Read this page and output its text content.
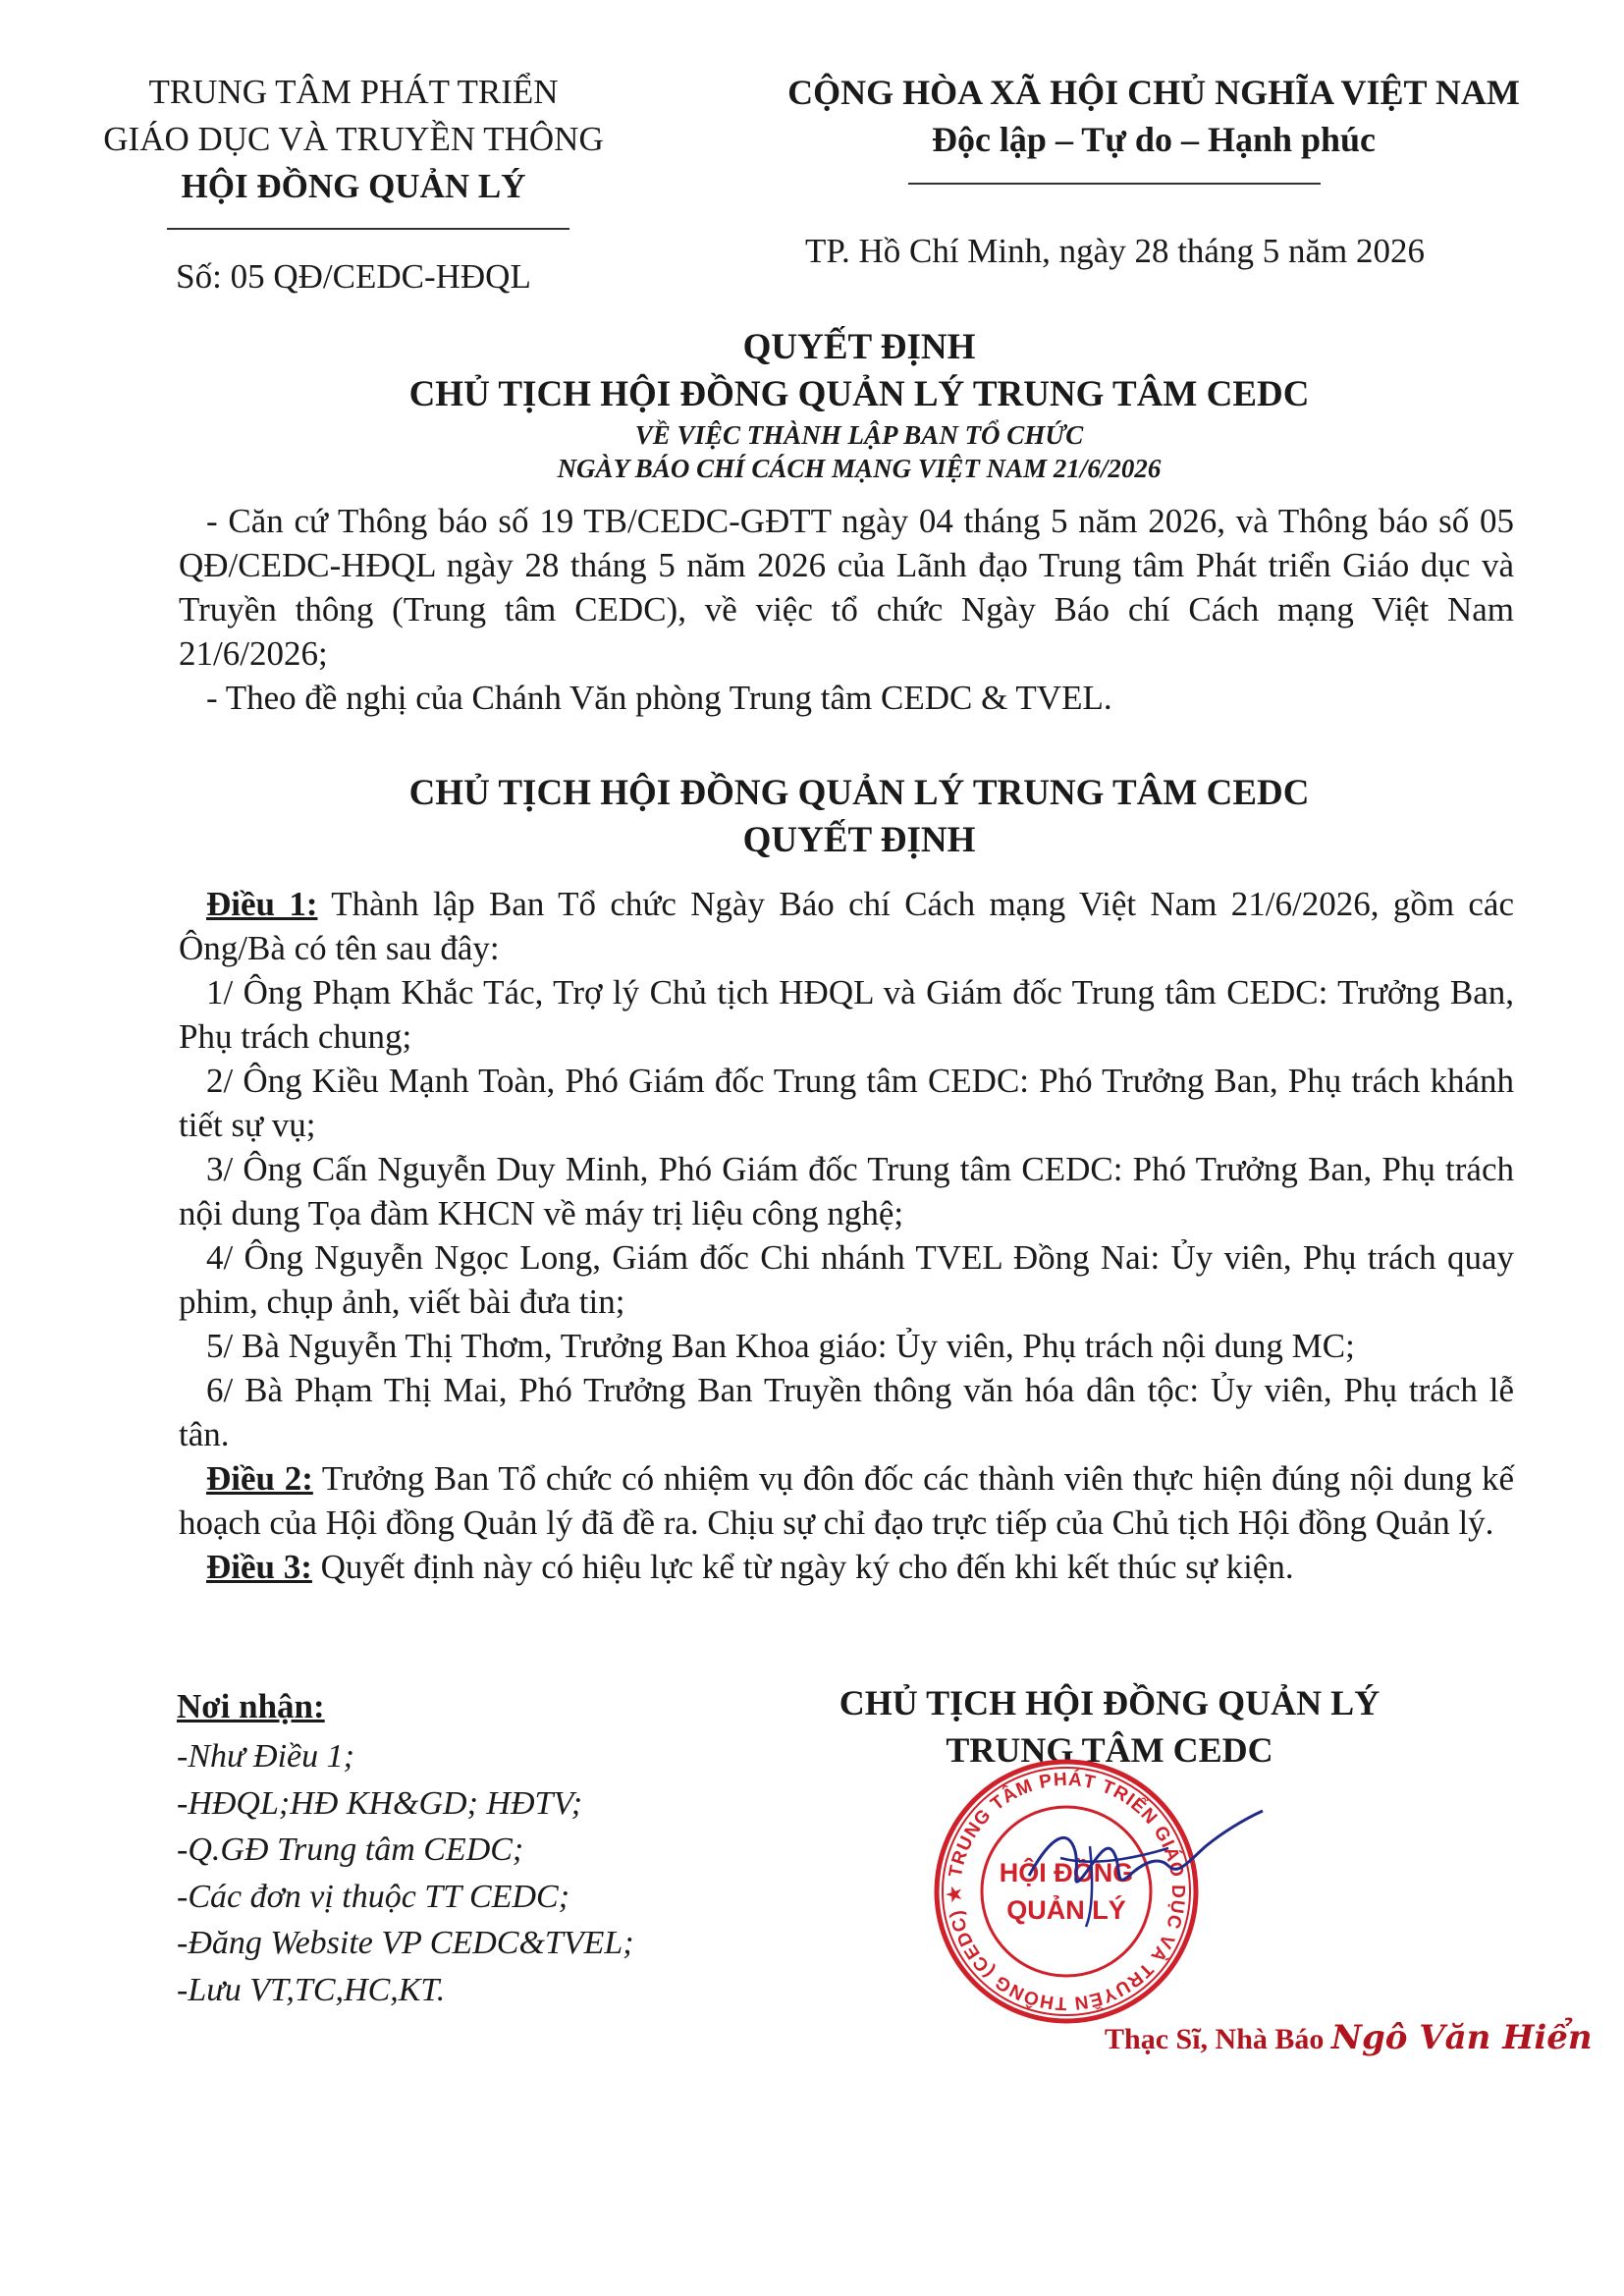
TRUNG TÂM PHÁT TRIỂN
GIÁO DỤC VÀ TRUYỀN THÔNG
HỘI ĐỒNG QUẢN LÝ
Số: 05 QĐ/CEDC-HĐQL
CỘNG HÒA XÃ HỘI CHỦ NGHĨA VIỆT NAM
Độc lập – Tự do – Hạnh phúc
TP. Hồ Chí Minh, ngày 28 tháng 5 năm 2026
QUYẾT ĐỊNH
CHỦ TỊCH HỘI ĐỒNG QUẢN LÝ TRUNG TÂM CEDC
VỀ VIỆC THÀNH LẬP BAN TỔ CHỨC
NGÀY BÁO CHÍ CÁCH MẠNG VIỆT NAM 21/6/2026
- Căn cứ Thông báo số 19 TB/CEDC-GĐTT ngày 04 tháng 5 năm 2026, và Thông báo số 05 QĐ/CEDC-HĐQL ngày 28 tháng 5 năm 2026 của Lãnh đạo Trung tâm Phát triển Giáo dục và Truyền thông (Trung tâm CEDC), về việc tổ chức Ngày Báo chí Cách mạng Việt Nam 21/6/2026;
- Theo đề nghị của Chánh Văn phòng Trung tâm CEDC & TVEL.
CHỦ TỊCH HỘI ĐỒNG QUẢN LÝ TRUNG TÂM CEDC
QUYẾT ĐỊNH
Điều 1: Thành lập Ban Tổ chức Ngày Báo chí Cách mạng Việt Nam 21/6/2026, gồm các Ông/Bà có tên sau đây:
1/ Ông Phạm Khắc Tác, Trợ lý Chủ tịch HĐQL và Giám đốc Trung tâm CEDC: Trưởng Ban, Phụ trách chung;
2/ Ông Kiều Mạnh Toàn, Phó Giám đốc Trung tâm CEDC: Phó Trưởng Ban, Phụ trách khánh tiết sự vụ;
3/ Ông Cấn Nguyễn Duy Minh, Phó Giám đốc Trung tâm CEDC: Phó Trưởng Ban, Phụ trách nội dung Tọa đàm KHCN về máy trị liệu công nghệ;
4/ Ông Nguyễn Ngọc Long, Giám đốc Chi nhánh TVEL Đồng Nai: Ủy viên, Phụ trách quay phim, chụp ảnh, viết bài đưa tin;
5/ Bà Nguyễn Thị Thơm, Trưởng Ban Khoa giáo: Ủy viên, Phụ trách nội dung MC;
6/ Bà Phạm Thị Mai, Phó Trưởng Ban Truyền thông văn hóa dân tộc: Ủy viên, Phụ trách lễ tân.
Điều 2: Trưởng Ban Tổ chức có nhiệm vụ đôn đốc các thành viên thực hiện đúng nội dung kế hoạch của Hội đồng Quản lý đã đề ra. Chịu sự chỉ đạo trực tiếp của Chủ tịch Hội đồng Quản lý.
Điều 3: Quyết định này có hiệu lực kể từ ngày ký cho đến khi kết thúc sự kiện.
Nơi nhận:
-Như Điều 1;
-HĐQL;HĐ KH&GD; HĐTV;
-Q.GĐ Trung tâm CEDC;
-Các đơn vị thuộc TT CEDC;
-Đăng Website VP CEDC&TVEL;
-Lưu VT,TC,HC,KT.
CHỦ TỊCH HỘI ĐỒNG QUẢN LÝ
TRUNG TÂM CEDC
TRUNG TÂM PHÁT TRIỂN GIÁO DỤC VÀ TRUYỀN THÔNG (CEDC) ★
HỘI ĐỒNG
QUẢN LÝ
Thạc Sĩ, Nhà Báo Ngô Văn Hiển
